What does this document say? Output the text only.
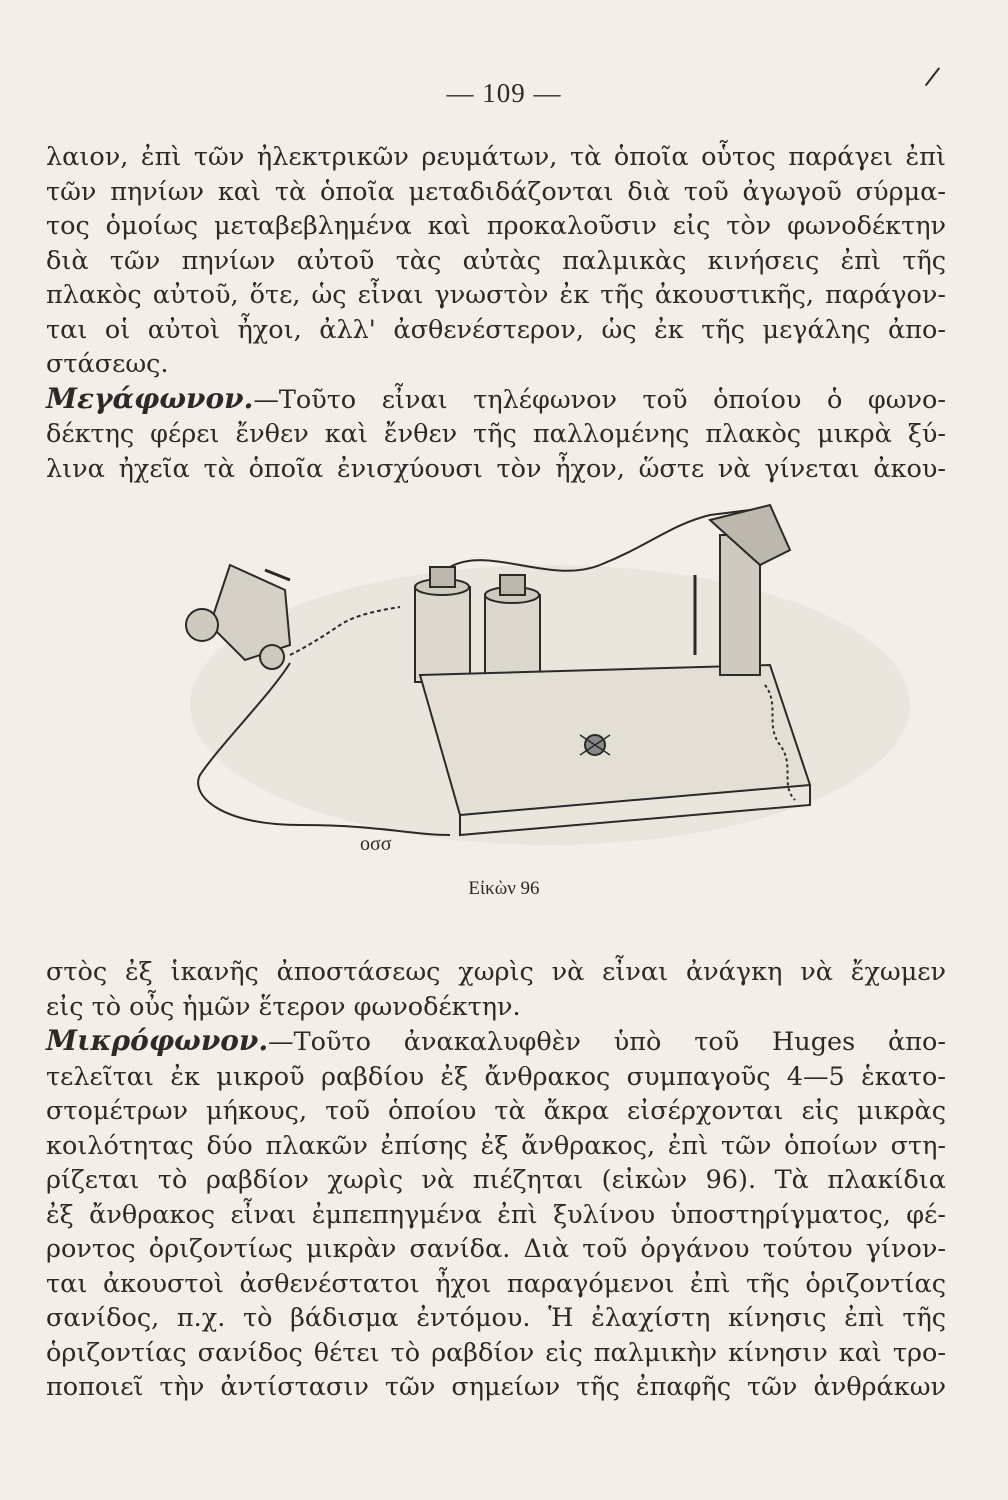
— 109 —
/
λαιον, ἐπὶ τῶν ἠλεκτρικῶν ρευμάτων, τὰ ὁποῖα οὗτος παράγει ἐπὶ
τῶν πηνίων καὶ τὰ ὁποῖα μεταδιδάζονται διὰ τοῦ ἀγωγοῦ σύρμα-
τος ὁμοίως μεταβεβλημένα καὶ προκαλοῦσιν εἰς τὸν φωνοδέκτην
διὰ τῶν πηνίων αὐτοῦ τὰς αὐτὰς παλμικὰς κινήσεις ἐπὶ τῆς
πλακὸς αὐτοῦ, ὅτε, ὡς εἶναι γνωστὸν ἐκ τῆς ἀκουστικῆς, παράγον-
ται οἱ αὐτοὶ ἦχοι, ἀλλ' ἀσθενέστερον, ὡς ἐκ τῆς μεγάλης ἀπο-
στάσεως.
Μεγάφωνον.—Τοῦτο εἶναι τηλέφωνον τοῦ ὁποίου ὁ φωνο-
δέκτης φέρει ἔνθεν καὶ ἔνθεν τῆς παλλομένης πλακὸς μικρὰ ξύ-
λινα ἠχεῖα τὰ ὁποῖα ἐνισχύουσι τὸν ἦχον, ὥστε νὰ γίνεται ἀκου-
οσσ
Εἰκὼν 96
στὸς ἐξ ἱκανῆς ἀποστάσεως χωρὶς νὰ εἶναι ἀνάγκη νὰ ἔχωμεν
εἰς τὸ οὖς ἡμῶν ἕτερον φωνοδέκτην.
Μικρόφωνον.—Τοῦτο ἀνακαλυφθὲν ὑπὸ τοῦ Huges ἀπο-
τελεῖται ἐκ μικροῦ ραβδίου ἐξ ἄνθρακος συμπαγοῦς 4—5 ἑκατο-
στομέτρων μήκους, τοῦ ὁποίου τὰ ἄκρα εἰσέρχονται εἰς μικρὰς
κοιλότητας δύο πλακῶν ἐπίσης ἐξ ἄνθρακος, ἐπὶ τῶν ὁποίων στη-
ρίζεται τὸ ραβδίον χωρὶς νὰ πιέζηται (εἰκὼν 96). Τὰ πλακίδια
ἐξ ἄνθρακος εἶναι ἐμπεπηγμένα ἐπὶ ξυλίνου ὑποστηρίγματος, φέ-
ροντος ὁριζοντίως μικρὰν σανίδα. Διὰ τοῦ ὀργάνου τούτου γίνον-
ται ἀκουστοὶ ἀσθενέστατοι ἦχοι παραγόμενοι ἐπὶ τῆς ὁριζοντίας
σανίδος, π.χ. τὸ βάδισμα ἐντόμου. Ἡ ἐλαχίστη κίνησις ἐπὶ τῆς
ὁριζοντίας σανίδος θέτει τὸ ραβδίον εἰς παλμικὴν κίνησιν καὶ τρο-
ποποιεῖ τὴν ἀντίστασιν τῶν σημείων τῆς ἐπαφῆς τῶν ἀνθράκων
